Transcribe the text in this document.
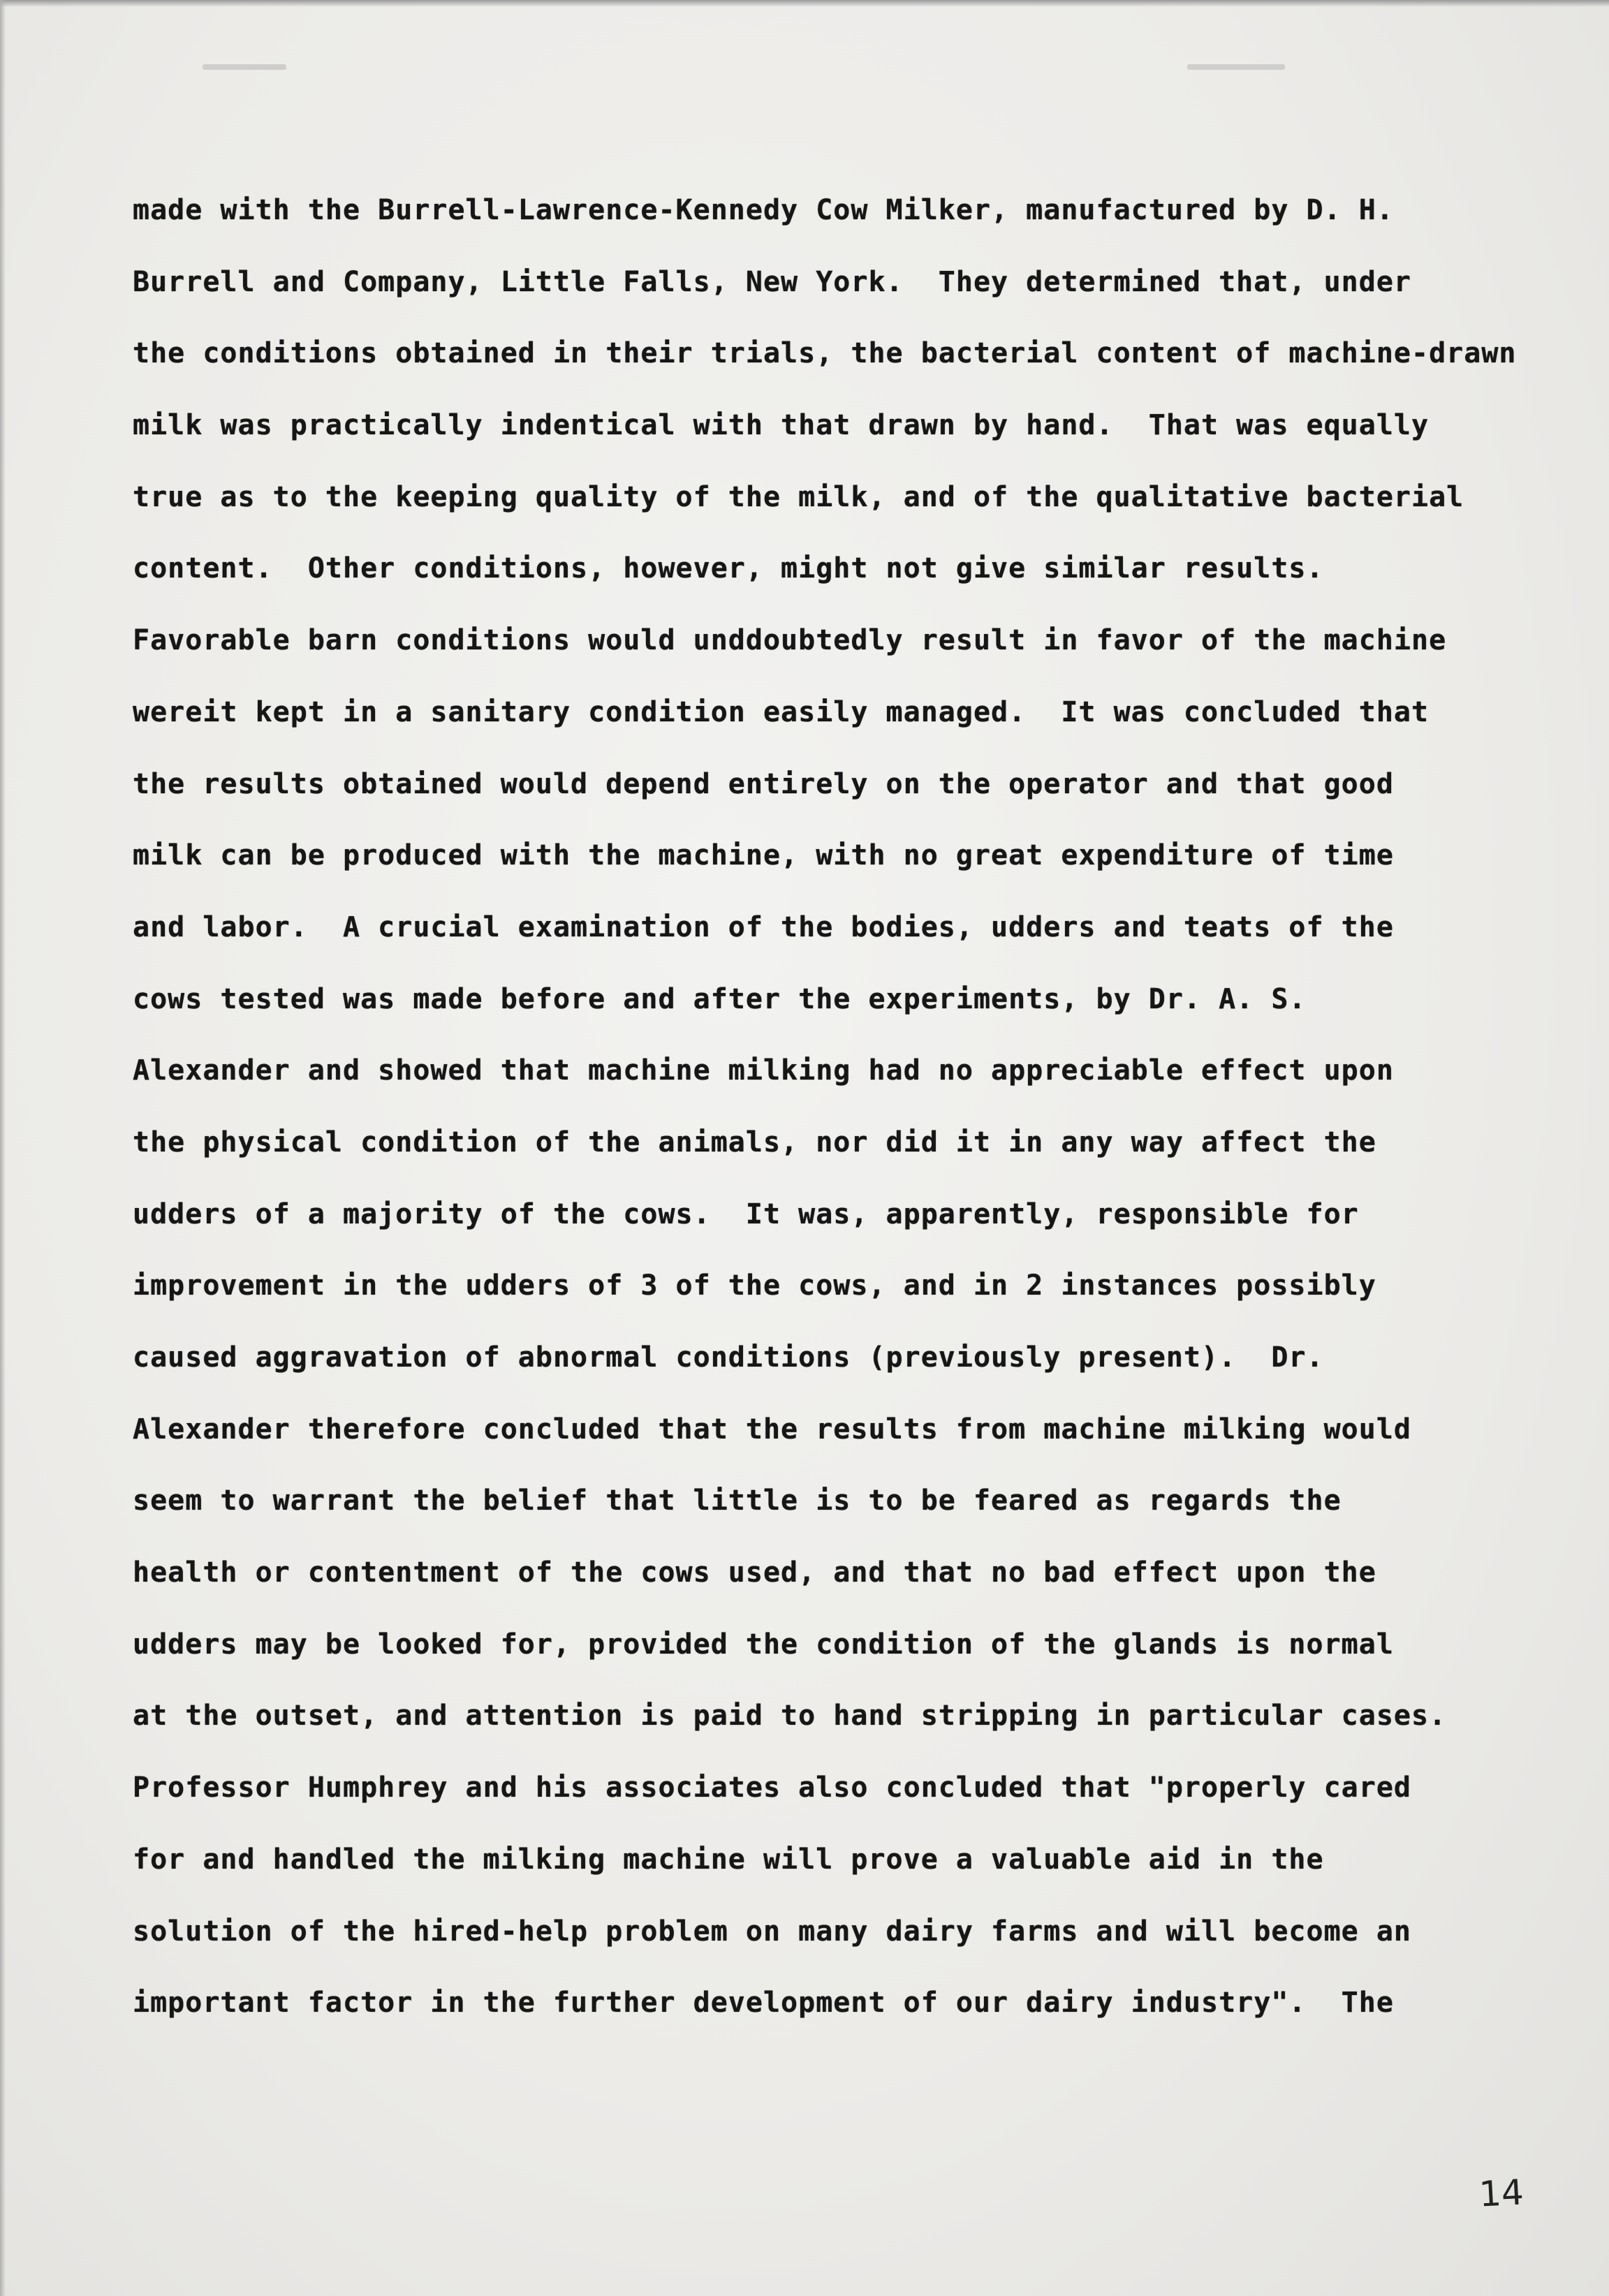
made with the Burrell-Lawrence-Kennedy Cow Milker, manufactured by D. H.
Burrell and Company, Little Falls, New York.  They determined that, under
the conditions obtained in their trials, the bacterial content of machine-drawn
milk was practically indentical with that drawn by hand.  That was equally
true as to the keeping quality of the milk, and of the qualitative bacterial
content.  Other conditions, however, might not give similar results.
Favorable barn conditions would unddoubtedly result in favor of the machine
wereit kept in a sanitary condition easily managed.  It was concluded that
the results obtained would depend entirely on the operator and that good
milk can be produced with the machine, with no great expenditure of time
and labor.  A crucial examination of the bodies, udders and teats of the
cows tested was made before and after the experiments, by Dr. A. S.
Alexander and showed that machine milking had no appreciable effect upon
the physical condition of the animals, nor did it in any way affect the
udders of a majority of the cows.  It was, apparently, responsible for
improvement in the udders of 3 of the cows, and in 2 instances possibly
caused aggravation of abnormal conditions (previously present).  Dr.
Alexander therefore concluded that the results from machine milking would
seem to warrant the belief that little is to be feared as regards the
health or contentment of the cows used, and that no bad effect upon the
udders may be looked for, provided the condition of the glands is normal
at the outset, and attention is paid to hand stripping in particular cases.
Professor Humphrey and his associates also concluded that "properly cared
for and handled the milking machine will prove a valuable aid in the
solution of the hired-help problem on many dairy farms and will become an
important factor in the further development of our dairy industry".  The
14
